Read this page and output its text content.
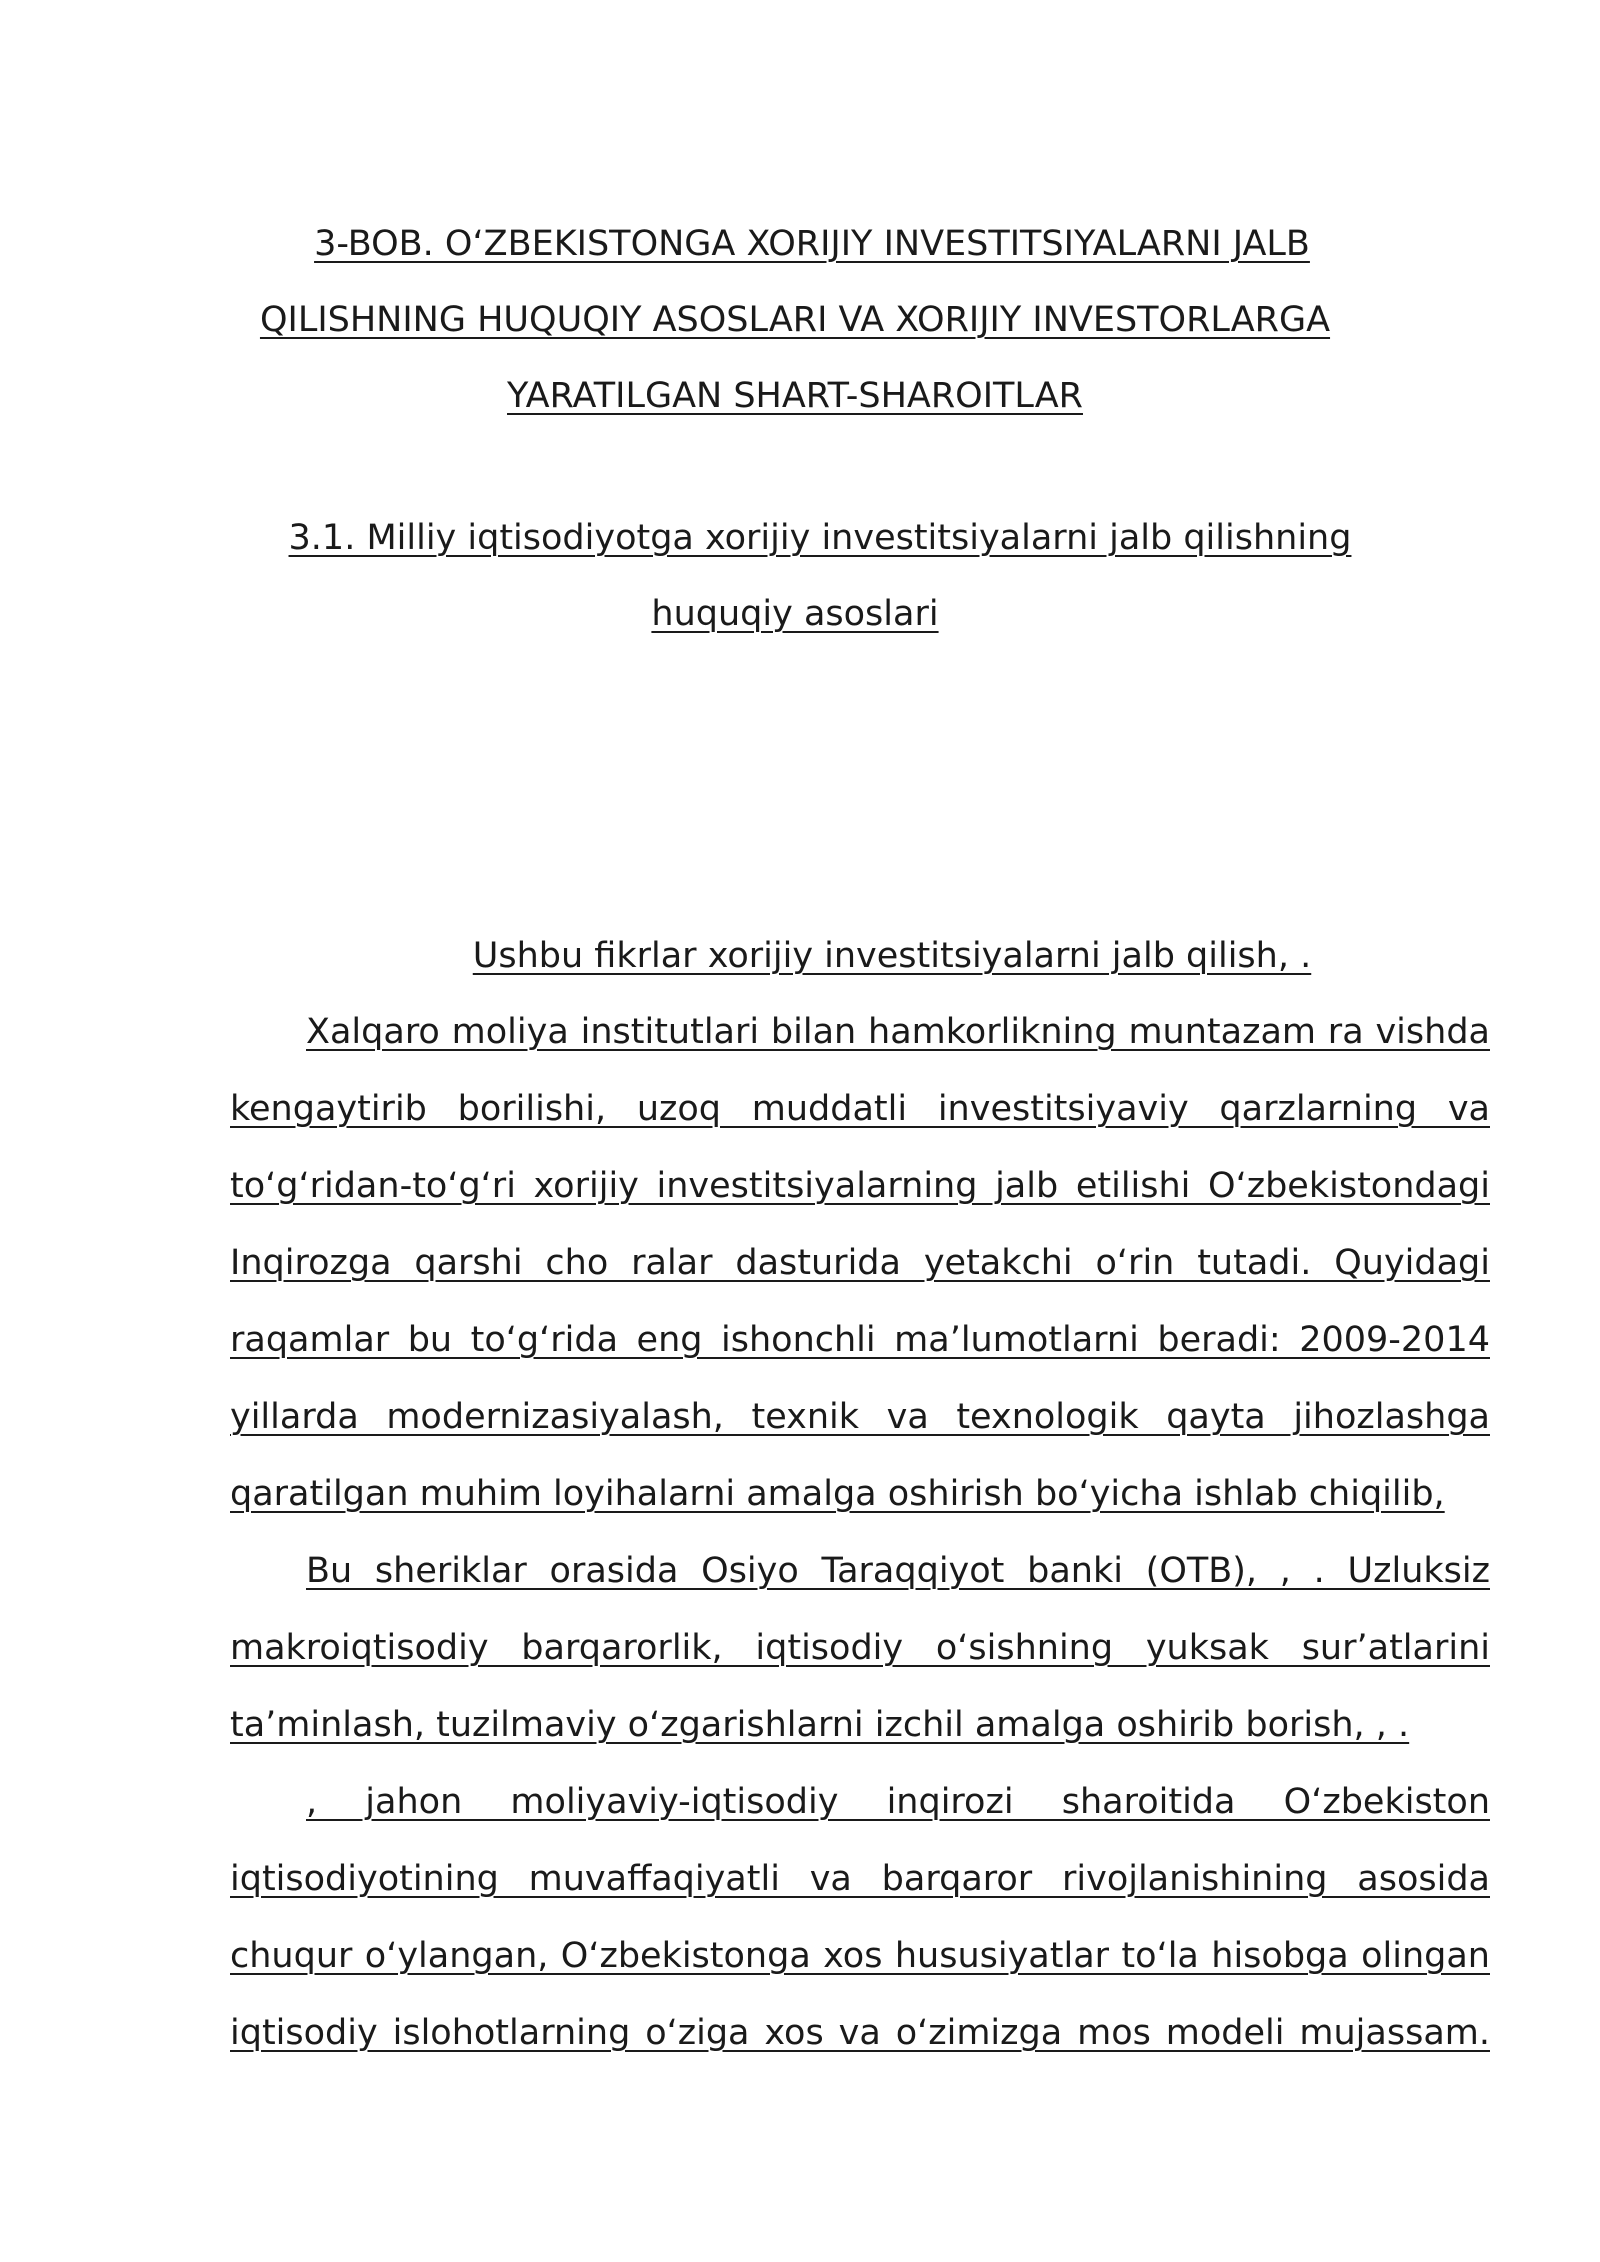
3-BOB. O‘ZBEKISTONGA XORIJIY INVESTITSIYALARNI JALB
QILISHNING HUQUQIY ASOSLARI VA XORIJIY INVESTORLARGA
YARATILGAN SHART-SHAROITLAR
3.1. Milliy iqtisodiyotga xorijiy investitsiyalarni jalb qilishning
huquqiy asoslari
Ushbu fikrlar xorijiy investitsiyalarni jalb qilish, .
Xalqaro moliya institutlari bilan hamkorlikning muntazam ra vishda
kengaytirib borilishi, uzoq muddatli investitsiyaviy qarzlarning va
to‘g‘ridan-to‘g‘ri xorijiy investitsiyalarning jalb etilishi O‘zbekistondagi
Inqirozga qarshi cho ralar dasturida yetakchi o‘rin tutadi. Quyidagi
raqamlar bu to‘g‘rida eng ishonchli ma’lumotlarni beradi: 2009-2014
yillarda modernizasiyalash, texnik va texnologik qayta jihozlashga
qaratilgan muhim loyihalarni amalga oshirish bo‘yicha ishlab chiqilib,
Bu sheriklar orasida Osiyo Taraqqiyot banki (OTB), , . Uzluksiz
makroiqtisodiy barqarorlik, iqtisodiy o‘sishning yuksak sur’atlarini
ta’minlash, tuzilmaviy o‘zgarishlarni izchil amalga oshirib borish, , .
, jahon moliyaviy-iqtisodiy inqirozi sharoitida O‘zbekiston
iqtisodiyotining muvaffaqiyatli va barqaror rivojlanishining asosida
chuqur o‘ylangan, O‘zbekistonga xos hususiyatlar to‘la hisobga olingan
iqtisodiy islohotlarning o‘ziga xos va o‘zimizga mos modeli mujassam.
